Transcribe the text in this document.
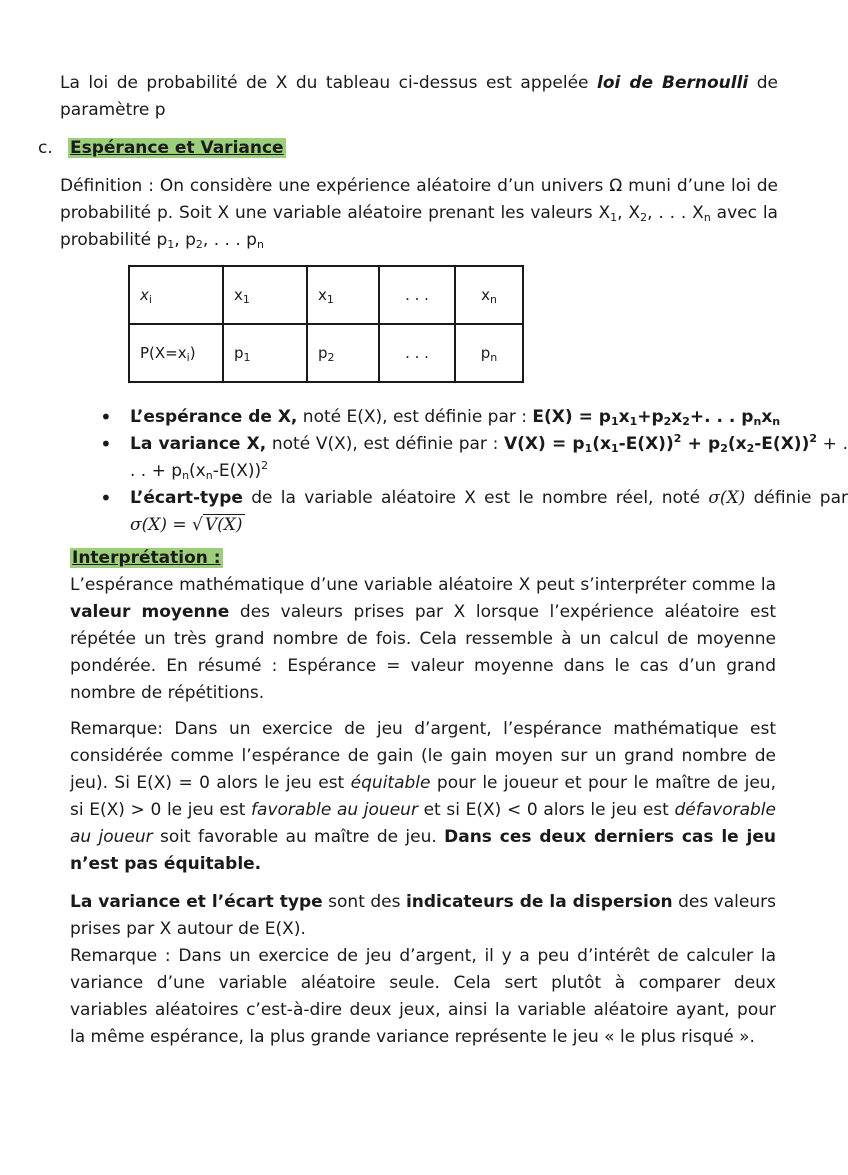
La loi de probabilité de X du tableau ci-dessus est appelée loi de Bernoulli de paramètre p

c. Espérance et Variance

Définition : On considère une expérience aléatoire d’un univers Ω muni d’une loi de probabilité p. Soit X une variable aléatoire prenant les valeurs $X_1$, $X_2$, . . . $X_n$ avec la probabilité $p_1$, $p_2$, . . . $p_n$

$x_i$	$x_1$	$x_1$	. . .	$x_n$
$P(X=x_i)$	$p_1$	$p_2$	. . .	$p_n$
• L’espérance de X, noté E(X), est définie par : $E(X) = p_1x_1+p_2x_2+$. . . $p_nx_n$
• La variance X, noté V(X), est définie par : $V(X) = p_1(x_1-E(X))^2 + p_2(x_2-E(X))^2$ + . . . + $p_n(x_n-E(X))^2$
• L’écart-type de la variable aléatoire X est le nombre réel, noté σ(X) définie par σ(X) = √ V(X)
Interprétation :

L’espérance mathématique d’une variable aléatoire X peut s’interpréter comme la valeur moyenne des valeurs prises par X lorsque l’expérience aléatoire est répétée un très grand nombre de fois. Cela ressemble à un calcul de moyenne pondérée. En résumé : Espérance = valeur moyenne dans le cas d’un grand nombre de répétitions.

Remarque: Dans un exercice de jeu d’argent, l’espérance mathématique est considérée comme l’espérance de gain (le gain moyen sur un grand nombre de jeu). Si E(X) = 0 alors le jeu est équitable pour le joueur et pour le maître de jeu, si E(X) > 0 le jeu est favorable au joueur et si E(X) < 0 alors le jeu est défavorable au joueur soit favorable au maître de jeu. Dans ces deux derniers cas le jeu n’est pas équitable.

La variance et l’écart type sont des indicateurs de la dispersion des valeurs prises par X autour de E(X).

Remarque : Dans un exercice de jeu d’argent, il y a peu d’intérêt de calculer la variance d’une variable aléatoire seule. Cela sert plutôt à comparer deux variables aléatoires c’est-à-dire deux jeux, ainsi la variable aléatoire ayant, pour la même espérance, la plus grande variance représente le jeu « le plus risqué ».
